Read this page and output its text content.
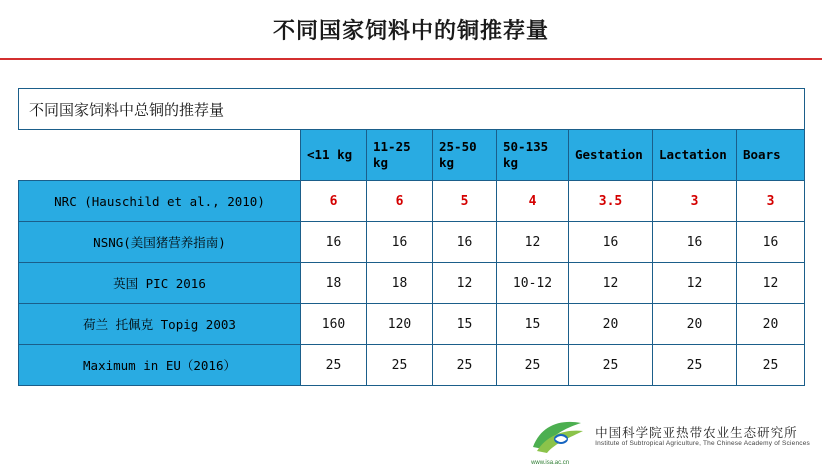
不同国家饲料中的铜推荐量
不同国家饲料中总铜的推荐量							
	<11 kg	11-25 kg	25-50 kg	50-135 kg	Gestation	Lactation	Boars
NRC (Hauschild et al., 2010)	6	6	5	4	3.5	3	3
NSNG(美国猪营养指南)	16	16	16	12	16	16	16
英国 PIC 2016	18	18	12	10-12	12	12	12
荷兰 托佩克 Topig 2003	160	120	15	15	20	20	20
Maximum in EU（2016）	25	25	25	25	25	25	25
www.isa.ac.cn
中国科学院亚热带农业生态研究所
Institute of Subtropical Agriculture, The Chinese Academy of Sciences
